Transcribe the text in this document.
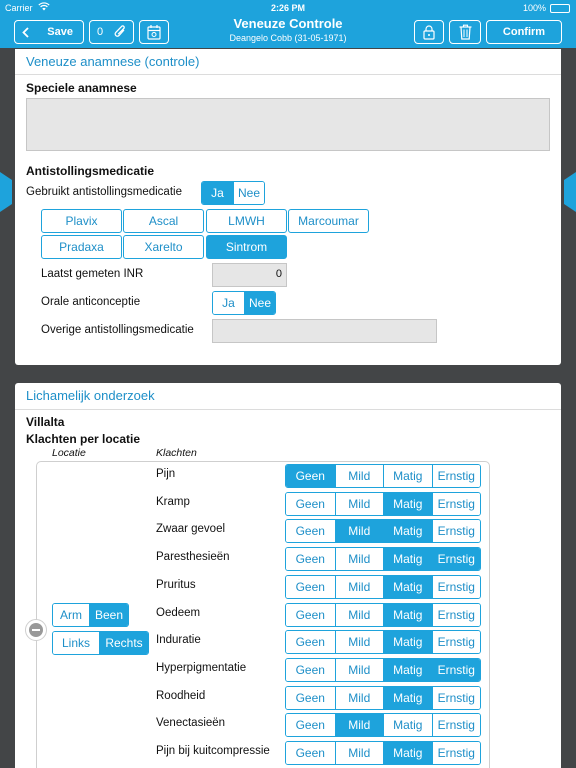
Carrier	2:26 PM	100%
Save 0
Veneuze Controle
Deangelo Cobb (31-05-1971)	Confirm
Veneuze anamnese (controle)
Speciele anamnese
Antistollingsmedicatie
Gebruikt antistollingsmedicatie	Ja	Nee
Plavix	Ascal	LMWH	Marcoumar
Pradaxa	Xarelto	Sintrom
Laatst gemeten INR	0
Orale anticonceptie	Ja	Nee
Overige antistollingsmedicatie
Lichamelijk onderzoek
Villalta
Klachten per locatie
Locatie	Klachten
Arm	Been
Links	Rechts
Pijn	Geen	Mild	Matig	Ernstig
Kramp	Geen	Mild	Matig	Ernstig
Zwaar gevoel	Geen	Mild	Matig	Ernstig
Paresthesieën	Geen	Mild	Matig	Ernstig
Pruritus	Geen	Mild	Matig	Ernstig
Oedeem	Geen	Mild	Matig	Ernstig
Induratie	Geen	Mild	Matig	Ernstig
Hyperpigmentatie	Geen	Mild	Matig	Ernstig
Roodheid	Geen	Mild	Matig	Ernstig
Venectasieën	Geen	Mild	Matig	Ernstig
Pijn bij kuitcompressie	Geen	Mild	Matig	Ernstig
